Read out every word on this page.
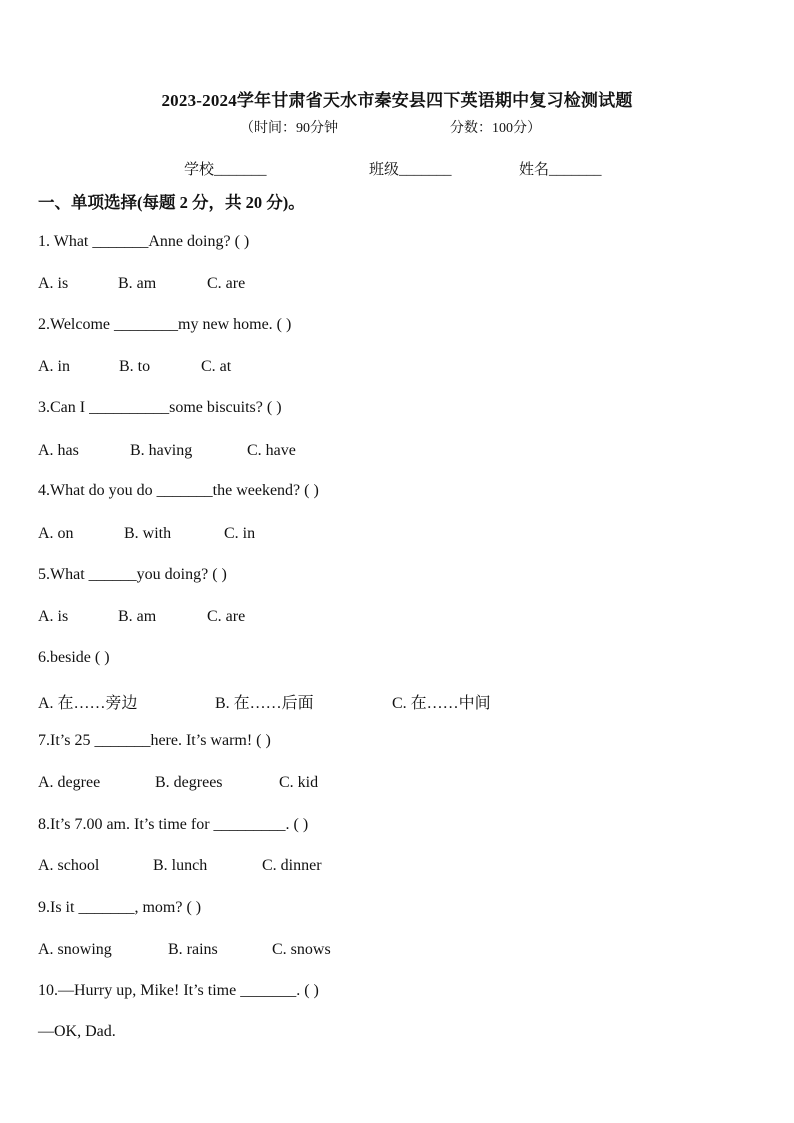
2023-2024学年甘肃省天水市秦安县四下英语期中复习检测试题
（时间：90分钟	分数：100分）
学校_______	班级_______	姓名_______
一、单项选择(每题 2 分，共 20 分)。
1. What _______Anne doing? ( )
A. is	B. am	C. are
2.Welcome ________my new home. ( )
A. in	B. to	C. at
3.Can I __________some biscuits? ( )
A. has	B. having	C. have
4.What do you do _______the weekend? ( )
A. on	B. with	C. in
5.What ______you doing? ( )
A. is	B. am	C. are
6.beside ( )
A. 在……旁边	B. 在……后面	C. 在……中间
7.It’s 25 _______here. It’s warm! ( )
A. degree	B. degrees	C. kid
8.It’s 7.00 am. It’s time for _________. ( )
A. school	B. lunch	C. dinner
9.Is it _______, mom? ( )
A. snowing	B. rains	C. snows
10.—Hurry up, Mike! It’s time _______. ( )
—OK, Dad.
